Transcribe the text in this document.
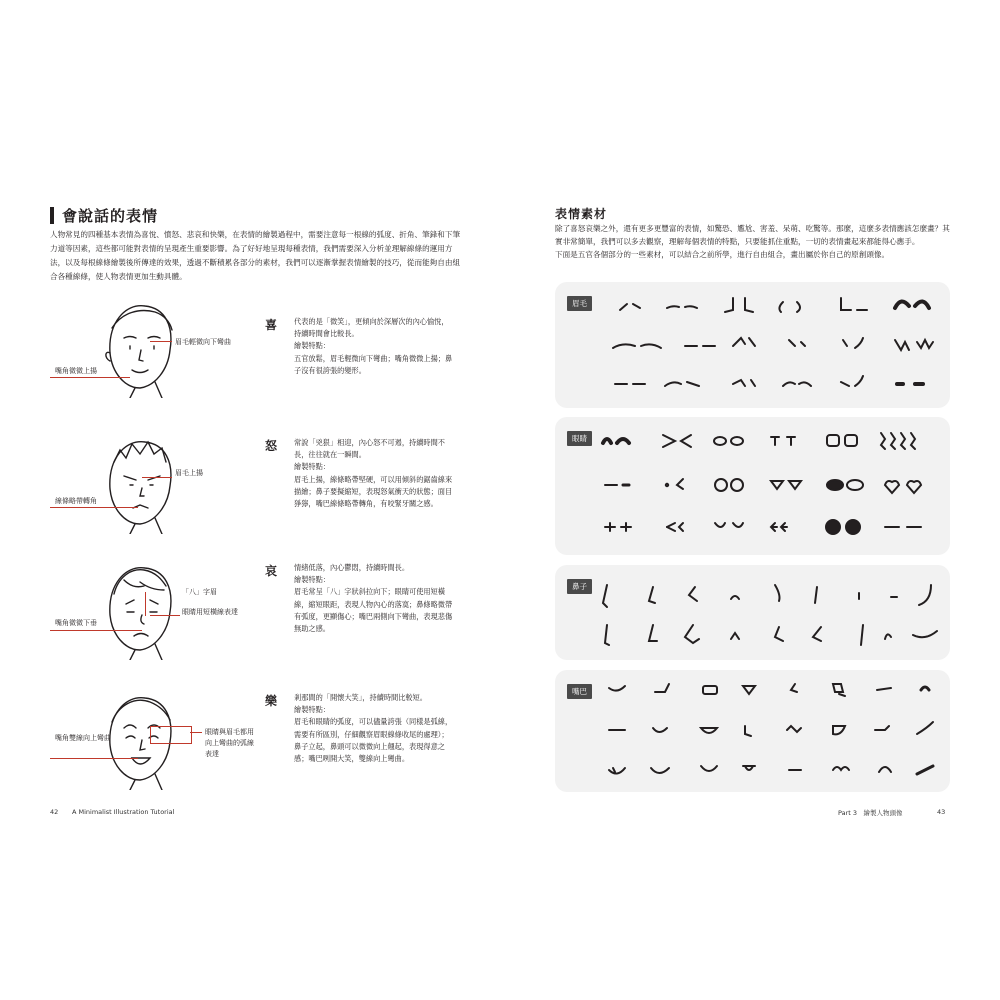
會說話的表情
人物常見的四種基本表情為喜悅、憤怒、悲哀和快樂，在表情的繪製過程中，需要注意每一根線的弧度、折角、筆鋒和下筆力道等因素，這些都可能對表情的呈現產生重要影響。為了好好地呈現每種表情，我們需要深入分析並理解線條的運用方法，以及每根線條繪製後所傳達的效果，透過不斷積累各部分的素材，我們可以逐漸掌握表情繪製的技巧，從而能夠自由組合各種線條，使人物表情更加生動具體。
眉毛輕微向下彎曲
嘴角微微上揚
喜 代表的是「微笑」，更傾向於深層次的內心愉悅，持續時間會比較長。
繪製特點：
五官放鬆，眉毛輕微向下彎曲；嘴角微微上揚；鼻子沒有很誇張的變形。
眉毛上揚
線條略帶轉角
怒 常說「兇狠」相迎，內心怒不可遏，持續時間不長，往往就在一瞬間。
繪製特點：
眉毛上揚，線條略帶堅硬，可以用傾斜的鋸齒線來描繪；鼻子要擬縮短，表現怒氣衝天的狀態；面目猙獰，嘴巴線條略帶轉角，有咬緊牙關之感。
「八」字眉
眼睛用短橫線表達
嘴角微微下垂
哀 情緒低落，內心鬱悶，持續時間長。
繪製特點：
眉毛常呈「八」字狀斜拉向下；眼睛可使用短橫線，縮短眼距，表現人物內心的落寞；鼻條略微帶有弧度，更顯傷心；嘴巴兩側向下彎曲，表現悲傷無助之感。
眼睛與眉毛都用向上彎曲的弧線表達
嘴角雙線向上彎曲
樂 剎那間的「開懷大笑」，持續時間比較短。
繪製特點：
眉毛和眼睛的弧度，可以儘量誇張（同樣是弧線，需要有所區別，仔細觀察眉眼線條收尾的處理）；鼻子立起，鼻頭可以微微向上翹起，表現得意之感；嘴巴咧開大笑，雙線向上彎曲。
42 A Minimalist Illustration Tutorial
表情素材
除了喜怒哀樂之外，還有更多更豐富的表情，如驚恐、尷尬、害羞、呆萌、吃驚等。那麼，這麼多表情應該怎麼畫？其實非常簡單，我們可以多去觀察，理解每個表情的特點，只要能抓住重點，一切的表情畫起來都能得心應手。
下面是五官各個部分的一些素材，可以結合之前所學，進行自由組合，畫出屬於你自己的原創頭像。
眉毛
眼睛
鼻子
嘴巴
Part 3　繪製人物頭像	43
